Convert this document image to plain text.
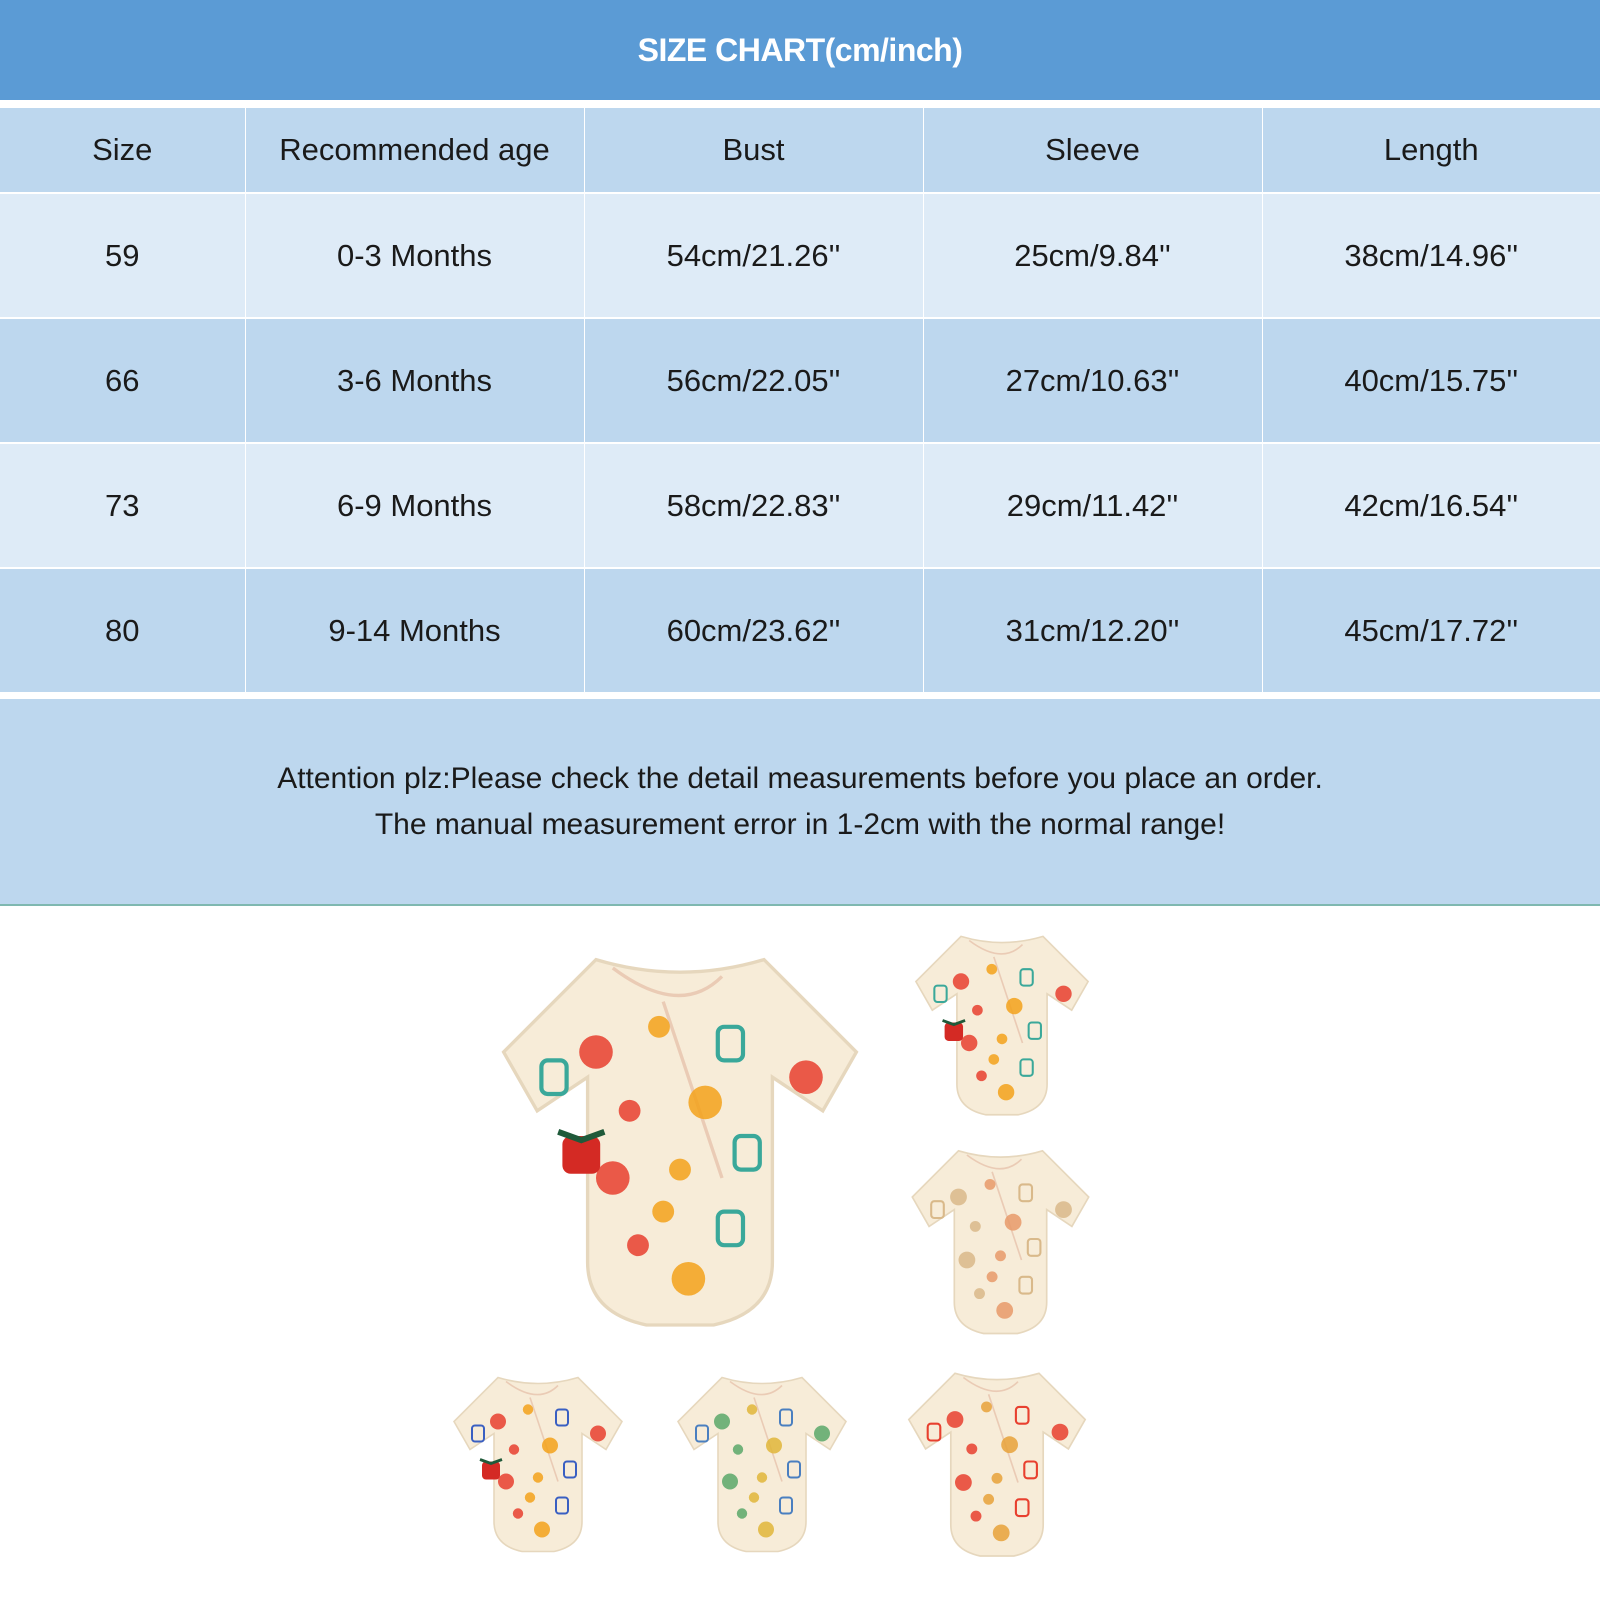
SIZE CHART(cm/inch)
Size	Recommended age	Bust	Sleeve	Length
59	0-3 Months	54cm/21.26''	25cm/9.84''	38cm/14.96''
66	3-6 Months	56cm/22.05''	27cm/10.63''	40cm/15.75''
73	6-9 Months	58cm/22.83''	29cm/11.42''	42cm/16.54''
80	9-14 Months	60cm/23.62''	31cm/12.20''	45cm/17.72''
Attention plz:Please check the detail measurements before you place an order.
The manual measurement error in 1-2cm with the normal range!
